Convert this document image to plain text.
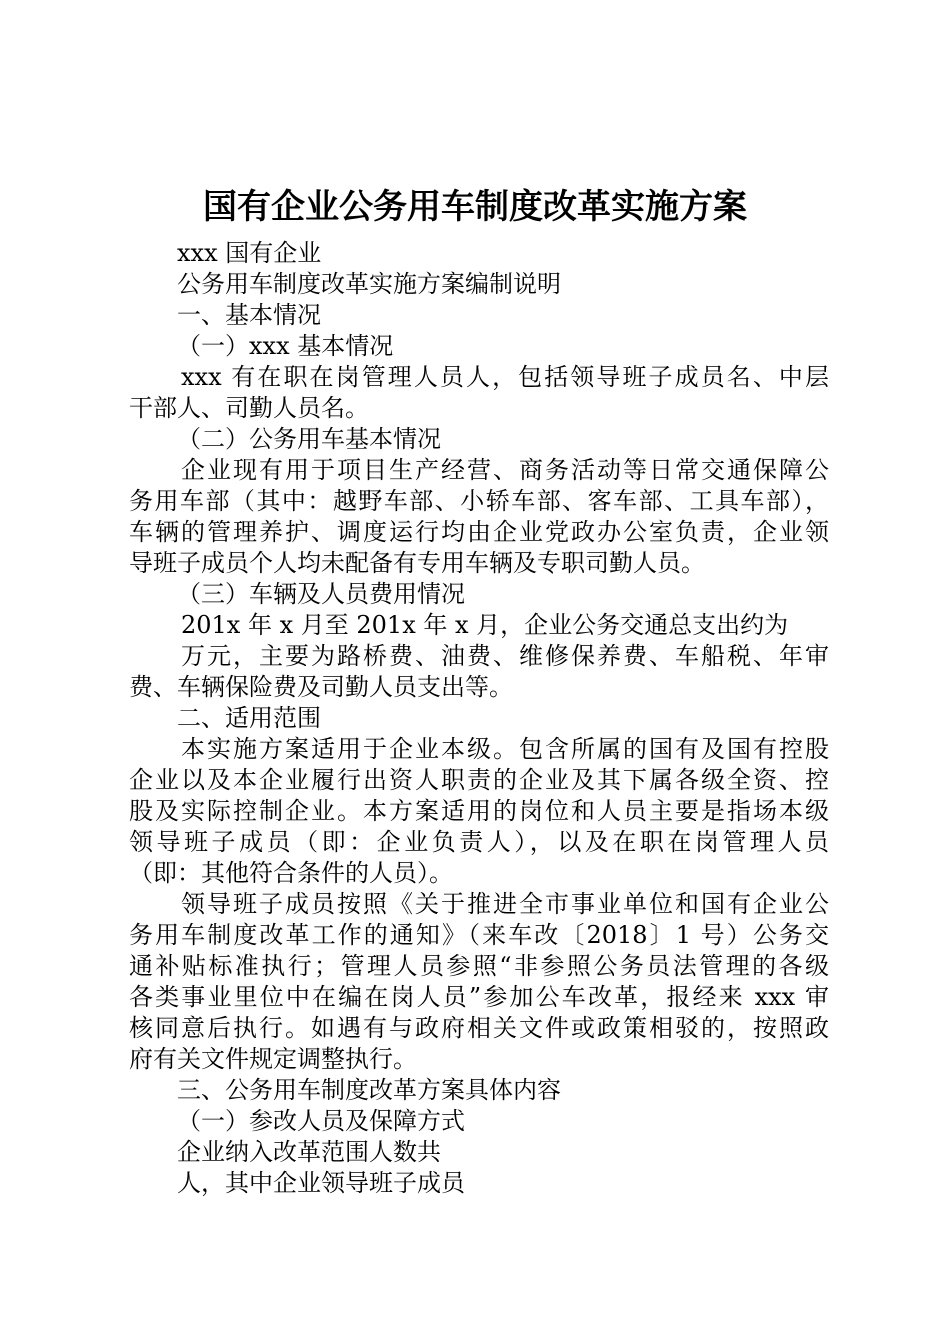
国有企业公务用车制度改革实施方案
xxx 国有企业
公务用车制度改革实施方案编制说明
一、基本情况
（一）xxx 基本情况
xxx 有在职在岗管理人员人，包括领导班子成员名、中层
干部人、司勤人员名。
（二）公务用车基本情况
企业现有用于项目生产经营、商务活动等日常交通保障公
务用车部（其中：越野车部、小轿车部、客车部、工具车部），
车辆的管理养护、调度运行均由企业党政办公室负责，企业领
导班子成员个人均未配备有专用车辆及专职司勤人员。
（三）车辆及人员费用情况
201x 年 x 月至 201x 年 x 月，企业公务交通总支出约为
万元，主要为路桥费、油费、维修保养费、车船税、年审
费、车辆保险费及司勤人员支出等。
二、适用范围
本实施方案适用于企业本级。包含所属的国有及国有控股
企业以及本企业履行出资人职责的企业及其下属各级全资、控
股及实际控制企业。本方案适用的岗位和人员主要是指场本级
领导班子成员（即：企业负责人），以及在职在岗管理人员
（即：其他符合条件的人员）。
领导班子成员按照《关于推进全市事业单位和国有企业公
务用车制度改革工作的通知》（来车改〔2018〕1 号）公务交
通补贴标准执行；管理人员参照“非参照公务员法管理的各级
各类事业里位中在编在岗人员”参加公车改革，报经来 xxx 审
核同意后执行。如遇有与政府相关文件或政策相驳的，按照政
府有关文件规定调整执行。
三、公务用车制度改革方案具体内容
（一）参改人员及保障方式
企业纳入改革范围人数共
人，其中企业领导班子成员
